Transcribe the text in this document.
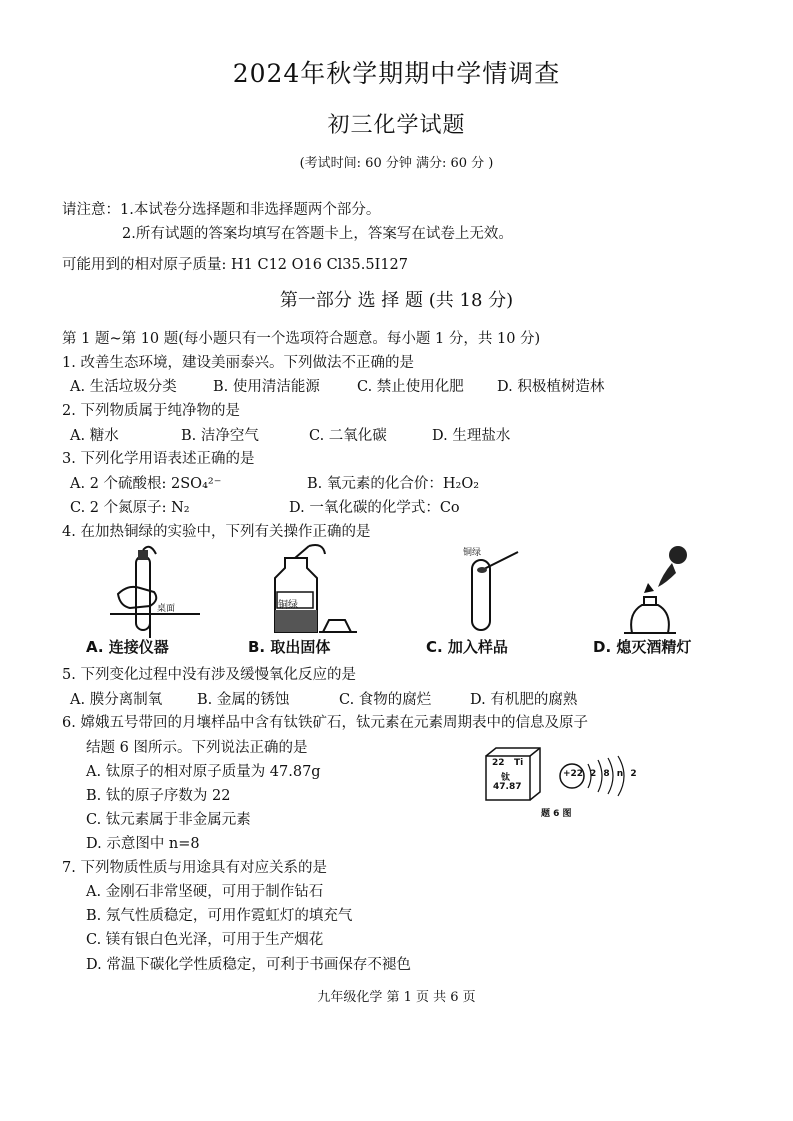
2024年秋学期期中学情调查
初三化学试题
(考试时间: 60 分钟 满分: 60 分 )
请注意：1.本试卷分选择题和非选择题两个部分。
2.所有试题的答案均填写在答题卡上，答案写在试卷上无效。
可能用到的相对原子质量: H1 C12 O16 Cl35.5I127
第一部分 选 择 题 (共 18 分)
第 1 题~第 10 题(每小题只有一个选项符合题意。每小题 1 分，共 10 分)
1. 改善生态环境，建设美丽泰兴。下列做法不正确的是
A. 生活垃圾分类	B. 使用清洁能源	C. 禁止使用化肥 D. 积极植树造林
2. 下列物质属于纯净物的是
A. 糖水	B. 洁净空气	C. 二氧化碳	D. 生理盐水
3. 下列化学用语表述正确的是
A. 2 个硫酸根: 2SO₄²⁻	B. 氧元素的化合价：H₂O₂
C. 2 个氮原子: N₂	D. 一氧化碳的化学式：Co
4. 在加热铜绿的实验中，下列有关操作正确的是
桌面	铜绿
铜绿
A. 连接仪器	B. 取出固体	C. 加入样品	D. 熄灭酒精灯
5. 下列变化过程中没有涉及缓慢氧化反应的是
A. 膜分离制氧 B. 金属的锈蚀	C. 食物的腐烂	D. 有机肥的腐熟
6. 嫦娥五号带回的月壤样品中含有钛铁矿石，钛元素在元素周期表中的信息及原子
结题 6 图所示。下列说法正确的是
A. 钛原子的相对原子质量为 47.87g
B. 钛的原子序数为 22
C. 钛元素属于非金属元素
D. 示意图中 n=8
22 Ti
钛
47.87
+22 2 8 n 2
题 6 图
7. 下列物质性质与用途具有对应关系的是
A. 金刚石非常坚硬，可用于制作钻石
B. 氖气性质稳定，可用作霓虹灯的填充气
C. 镁有银白色光泽，可用于生产烟花
D. 常温下碳化学性质稳定，可利于书画保存不褪色
九年级化学 第 1 页 共 6 页
